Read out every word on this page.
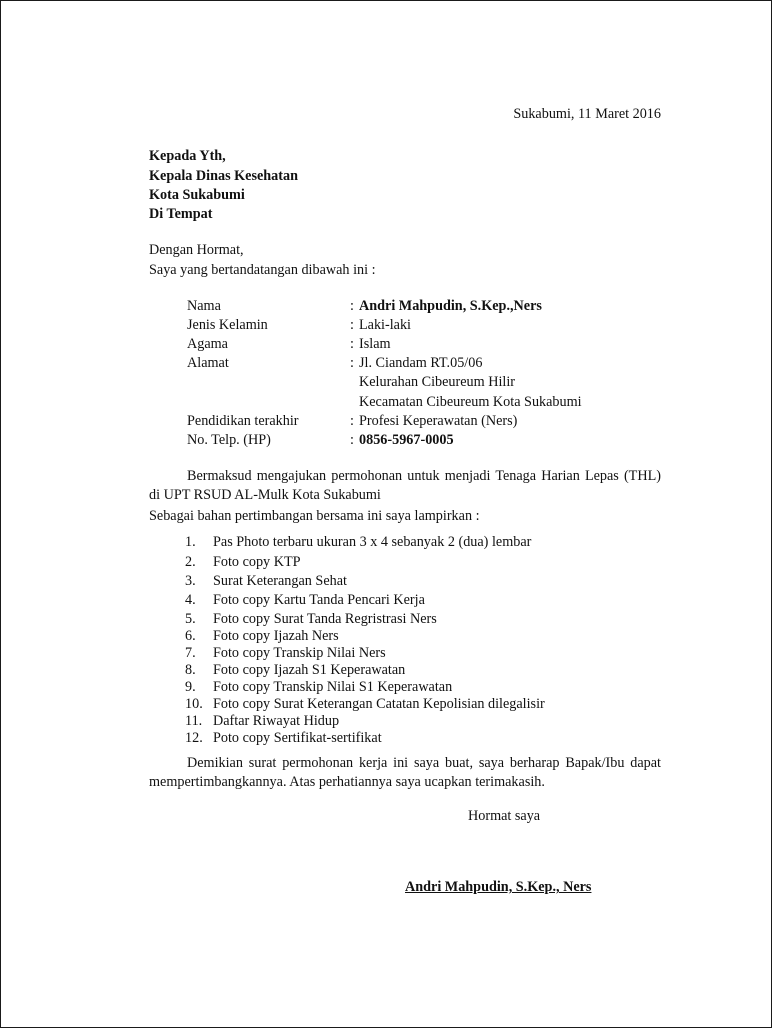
Sukabumi, 11 Maret 2016
Kepada Yth,
Kepala Dinas Kesehatan
Kota Sukabumi
Di Tempat
Dengan Hormat,
Saya yang bertandatangan dibawah ini :
Nama	: Andri Mahpudin, S.Kep.,Ners
Jenis Kelamin	: Laki-laki
Agama	: Islam
Alamat	: Jl. Ciandam RT.05/06
Kelurahan Cibeureum Hilir
Kecamatan Cibeureum Kota Sukabumi
Pendidikan terakhir	: Profesi Keperawatan (Ners)
No. Telp. (HP)	: 0856-5967-0005
Bermaksud mengajukan permohonan untuk menjadi Tenaga Harian Lepas (THL) di UPT RSUD AL-Mulk Kota Sukabumi
Sebagai bahan pertimbangan bersama ini saya lampirkan :
1.	Pas Photo terbaru ukuran 3 x 4 sebanyak 2 (dua) lembar
2.	Foto copy KTP
3.	Surat Keterangan Sehat
4.	Foto copy Kartu Tanda Pencari Kerja
5.	Foto copy Surat Tanda Regristrasi Ners
6.	Foto copy Ijazah Ners
7.	Foto copy Transkip Nilai Ners
8.	Foto copy Ijazah S1 Keperawatan
9.	Foto copy Transkip Nilai S1 Keperawatan
10. Foto copy Surat Keterangan Catatan Kepolisian dilegalisir
11. Daftar Riwayat Hidup
12. Poto copy Sertifikat-sertifikat
Demikian surat permohonan kerja ini saya buat, saya berharap Bapak/Ibu dapat mempertimbangkannya. Atas perhatiannya saya ucapkan terimakasih.
Hormat saya
Andri Mahpudin, S.Kep., Ners
